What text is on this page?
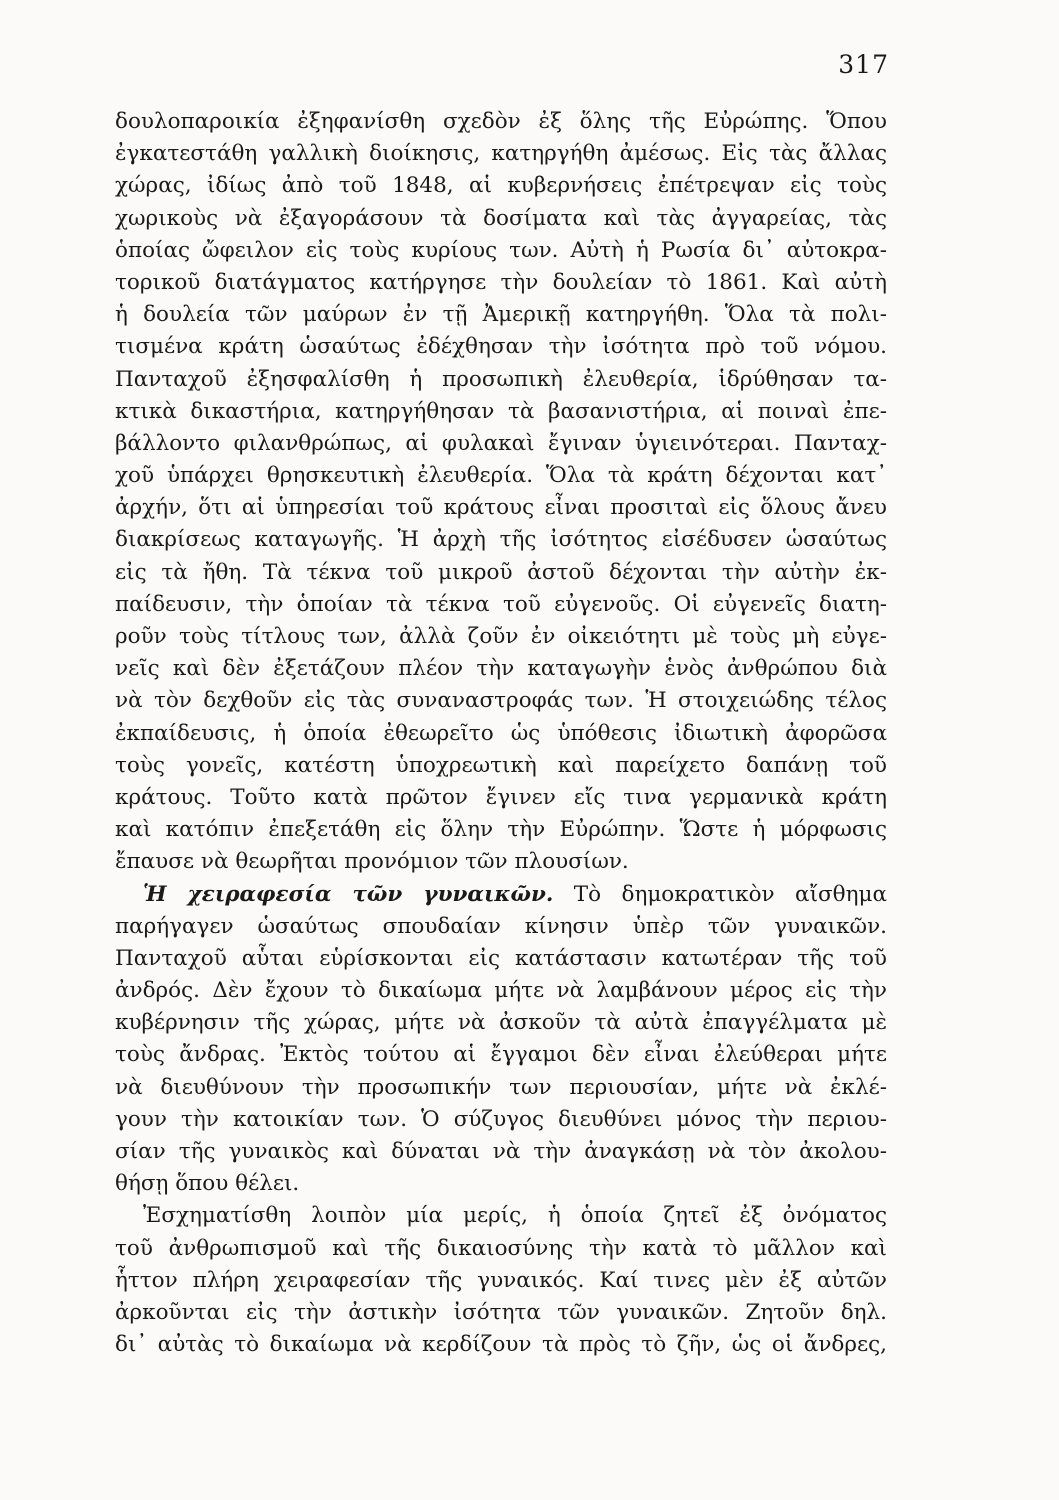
317
δουλοπαροικία ἐξηφανίσθη σχεδὸν ἐξ ὅλης τῆς Εὐρώπης. Ὅπου
ἐγκατεστάθη γαλλικὴ διοίκησις, κατηργήθη ἀμέσως. Εἰς τὰς ἄλλας
χώρας, ἰδίως ἀπὸ τοῦ 1848, αἱ κυβερνήσεις ἐπέτρεψαν εἰς τοὺς
χωρικοὺς νὰ ἐξαγοράσουν τὰ δοσίματα καὶ τὰς ἀγγαρείας, τὰς
ὁποίας ὤφειλον εἰς τοὺς κυρίους των. Αὐτὴ ἡ Ρωσία δι᾿ αὐτοκρα-
τορικοῦ διατάγματος κατήργησε τὴν δουλείαν τὸ 1861. Καὶ αὐτὴ
ἡ δουλεία τῶν μαύρων ἐν τῇ Ἀμερικῇ κατηργήθη. Ὅλα τὰ πολι-
τισμένα κράτη ὡσαύτως ἐδέχθησαν τὴν ἰσότητα πρὸ τοῦ νόμου.
Πανταχοῦ ἐξησφαλίσθη ἡ προσωπικὴ ἐλευθερία, ἱδρύθησαν τα-
κτικὰ δικαστήρια, κατηργήθησαν τὰ βασανιστήρια, αἱ ποιναὶ ἐπε-
βάλλοντο φιλανθρώπως, αἱ φυλακαὶ ἔγιναν ὑγιεινότεραι. Πανταχ-
χοῦ ὑπάρχει θρησκευτικὴ ἐλευθερία. Ὅλα τὰ κράτη δέχονται κατ᾿
ἀρχήν, ὅτι αἱ ὑπηρεσίαι τοῦ κράτους εἶναι προσιταὶ εἰς ὅλους ἄνευ
διακρίσεως καταγωγῆς. Ἡ ἀρχὴ τῆς ἰσότητος εἰσέδυσεν ὡσαύτως
εἰς τὰ ἤθη. Τὰ τέκνα τοῦ μικροῦ ἀστοῦ δέχονται τὴν αὐτὴν ἐκ-
παίδευσιν, τὴν ὁποίαν τὰ τέκνα τοῦ εὐγενοῦς. Οἱ εὐγενεῖς διατη-
ροῦν τοὺς τίτλους των, ἀλλὰ ζοῦν ἐν οἰκειότητι μὲ τοὺς μὴ εὐγε-
νεῖς καὶ δὲν ἐξετάζουν πλέον τὴν καταγωγὴν ἑνὸς ἀνθρώπου διὰ
νὰ τὸν δεχθοῦν εἰς τὰς συναναστροφάς των. Ἡ στοιχειώδης τέλος
ἐκπαίδευσις, ἡ ὁποία ἐθεωρεῖτο ὡς ὑπόθεσις ἰδιωτικὴ ἀφορῶσα
τοὺς γονεῖς, κατέστη ὑποχρεωτικὴ καὶ παρείχετο δαπάνῃ τοῦ
κράτους. Τοῦτο κατὰ πρῶτον ἔγινεν εἴς τινα γερμανικὰ κράτη
καὶ κατόπιν ἐπεξετάθη εἰς ὅλην τὴν Εὐρώπην. Ὥστε ἡ μόρφωσις
ἔπαυσε νὰ θεωρῆται προνόμιον τῶν πλουσίων.
Ἡ χειραφεσία τῶν γυναικῶν. Τὸ δημοκρατικὸν αἴσθημα
παρήγαγεν ὡσαύτως σπουδαίαν κίνησιν ὑπὲρ τῶν γυναικῶν.
Πανταχοῦ αὗται εὑρίσκονται εἰς κατάστασιν κατωτέραν τῆς τοῦ
ἀνδρός. Δὲν ἔχουν τὸ δικαίωμα μήτε νὰ λαμβάνουν μέρος εἰς τὴν
κυβέρνησιν τῆς χώρας, μήτε νὰ ἀσκοῦν τὰ αὐτὰ ἐπαγγέλματα μὲ
τοὺς ἄνδρας. Ἐκτὸς τούτου αἱ ἔγγαμοι δὲν εἶναι ἐλεύθεραι μήτε
νὰ διευθύνουν τὴν προσωπικήν των περιουσίαν, μήτε νὰ ἐκλέ-
γουν τὴν κατοικίαν των. Ὁ σύζυγος διευθύνει μόνος τὴν περιου-
σίαν τῆς γυναικὸς καὶ δύναται νὰ τὴν ἀναγκάσῃ νὰ τὸν ἀκολου-
θήσῃ ὅπου θέλει.
Ἐσχηματίσθη λοιπὸν μία μερίς, ἡ ὁποία ζητεῖ ἐξ ὀνόματος
τοῦ ἀνθρωπισμοῦ καὶ τῆς δικαιοσύνης τὴν κατὰ τὸ μᾶλλον καὶ
ἧττον πλήρη χειραφεσίαν τῆς γυναικός. Καί τινες μὲν ἐξ αὐτῶν
ἀρκοῦνται εἰς τὴν ἀστικὴν ἰσότητα τῶν γυναικῶν. Ζητοῦν δηλ.
δι᾿ αὐτὰς τὸ δικαίωμα νὰ κερδίζουν τὰ πρὸς τὸ ζῆν, ὡς οἱ ἄνδρες,
